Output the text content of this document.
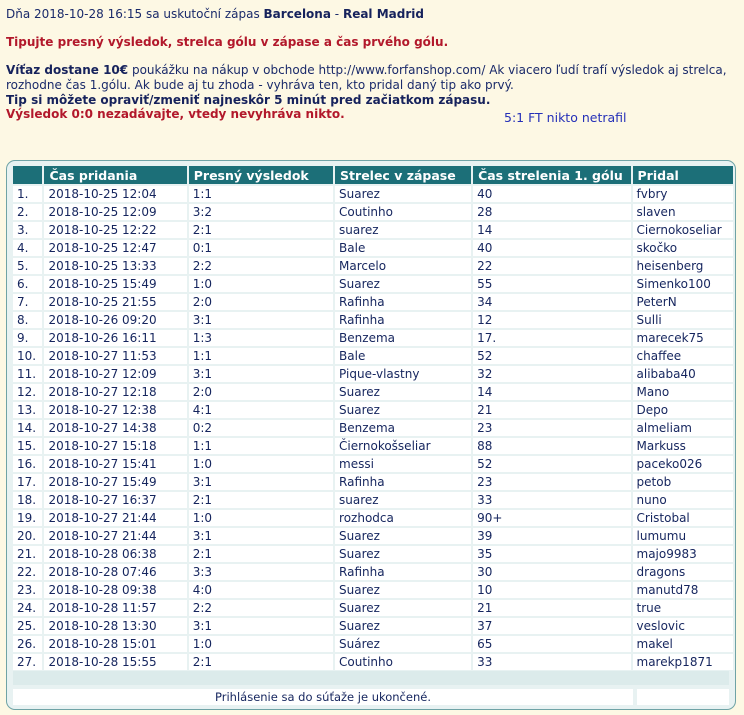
Dňa 2018-10-28 16:15 sa uskutoční zápas Barcelona - Real Madrid
Tipujte presný výsledok, strelca gólu v zápase a čas prvého gólu.
Víťaz dostane 10€ poukážku na nákup v obchode http://www.forfanshop.com/ Ak viacero ľudí trafí výsledok aj strelca, rozhodne čas 1.gólu. Ak bude aj tu zhoda - vyhráva ten, kto pridal daný tip ako prvý.
Tip si môžete opraviť/zmeniť najneskôr 5 minút pred začiatkom zápasu.
Výsledok 0:0 nezadávajte, vtedy nevyhráva nikto.	5:1 FT nikto netrafil
	Čas pridania	Presný výsledok	Strelec v zápase	Čas strelenia 1. gólu	Pridal
1.	2018-10-25 12:04	1:1	Suarez	40	fvbry
2.	2018-10-25 12:09	3:2	Coutinho	28	slaven
3.	2018-10-25 12:22	2:1	suarez	14	Ciernokoseliar
4.	2018-10-25 12:47	0:1	Bale	40	skočko
5.	2018-10-25 13:33	2:2	Marcelo	22	heisenberg
6.	2018-10-25 15:49	1:0	Suarez	55	Simenko100
7.	2018-10-25 21:55	2:0	Rafinha	34	PeterN
8.	2018-10-26 09:20	3:1	Rafinha	12	Sulli
9.	2018-10-26 16:11	1:3	Benzema	17.	marecek75
10.	2018-10-27 11:53	1:1	Bale	52	chaffee
11.	2018-10-27 12:09	3:1	Pique-vlastny	32	alibaba40
12.	2018-10-27 12:18	2:0	Suarez	14	Mano
13.	2018-10-27 12:38	4:1	Suarez	21	Depo
14.	2018-10-27 14:38	0:2	Benzema	23	almeliam
15.	2018-10-27 15:18	1:1	Čiernokošseliar	88	Markuss
16.	2018-10-27 15:41	1:0	messi	52	paceko026
17.	2018-10-27 15:49	3:1	Rafinha	23	petob
18.	2018-10-27 16:37	2:1	suarez	33	nuno
19.	2018-10-27 21:44	1:0	rozhodca	90+	Cristobal
20.	2018-10-27 21:44	3:1	Suarez	39	lumumu
21.	2018-10-28 06:38	2:1	Suarez	35	majo9983
22.	2018-10-28 07:46	3:3	Rafinha	30	dragons
23.	2018-10-28 09:38	4:0	Suarez	10	manutd78
24.	2018-10-28 11:57	2:2	Suarez	21	true
25.	2018-10-28 13:30	3:1	Suarez	37	veslovic
26.	2018-10-28 15:01	1:0	Suárez	65	makel
27.	2018-10-28 15:55	2:1	Coutinho	33	marekp1871
Prihlásenie sa do súťaže je ukončené.
